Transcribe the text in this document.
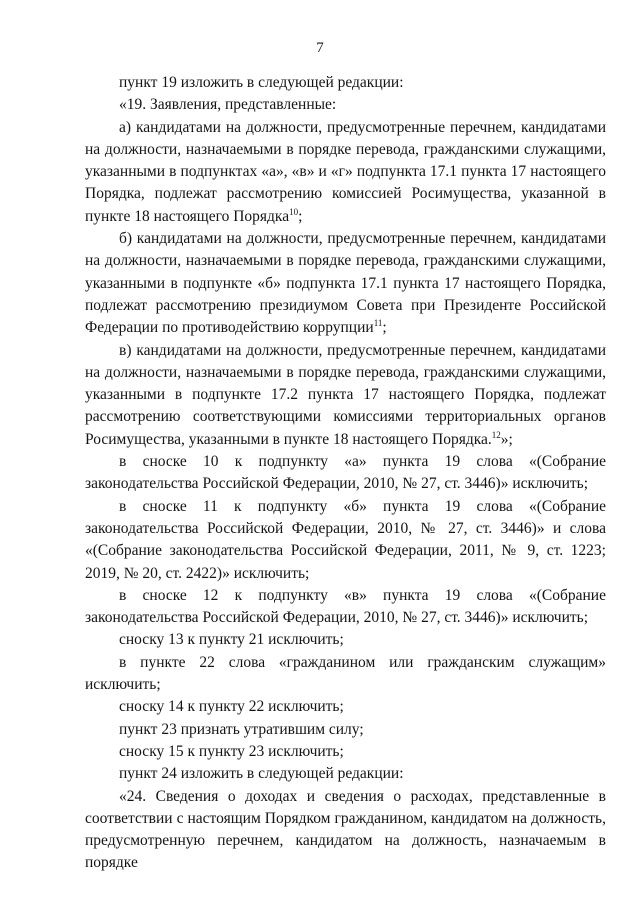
7

пункт 19 изложить в следующей редакции:

«19. Заявления, представленные:

а) кандидатами на должности, предусмотренные перечнем, кандидатами на должности, назначаемыми в порядке перевода, гражданскими служащими, указанными в подпунктах «а», «в» и «г» подпункта 17.1 пункта 17 настоящего Порядка, подлежат рассмотрению комиссией Росимущества, указанной в пункте 18 настоящего Порядка$^{10}$;

б) кандидатами на должности, предусмотренные перечнем, кандидатами на должности, назначаемыми в порядке перевода, гражданскими служащими, указанными в подпункте «б» подпункта 17.1 пункта 17 настоящего Порядка, подлежат рассмотрению президиумом Совета при Президенте Российской Федерации по противодействию коррупции$^{11}$;

в) кандидатами на должности, предусмотренные перечнем, кандидатами на должности, назначаемыми в порядке перевода, гражданскими служащими, указанными в подпункте 17.2 пункта 17 настоящего Порядка, подлежат рассмотрению соответствующими комиссиями территориальных органов Росимущества, указанными в пункте 18 настоящего Порядка.$^{12}$»;

в сноске 10 к подпункту «а» пункта 19 слова «(Собрание законодательства Российской Федерации, 2010, № 27, ст. 3446)» исключить;

в сноске 11 к подпункту «б» пункта 19 слова «(Собрание законодательства Российской Федерации, 2010, № 27, ст. 3446)» и слова «(Собрание законодательства Российской Федерации, 2011, № 9, ст. 1223; 2019, № 20, ст. 2422)» исключить;

в сноске 12 к подпункту «в» пункта 19 слова «(Собрание законодательства Российской Федерации, 2010, № 27, ст. 3446)» исключить;

сноску 13 к пункту 21 исключить;

в пункте 22 слова «гражданином или гражданским служащим» исключить;

сноску 14 к пункту 22 исключить;

пункт 23 признать утратившим силу;

сноску 15 к пункту 23 исключить;

пункт 24 изложить в следующей редакции:

«24. Сведения о доходах и сведения о расходах, представленные в соответствии с настоящим Порядком гражданином, кандидатом на должность, предусмотренную перечнем, кандидатом на должность, назначаемым в порядке
